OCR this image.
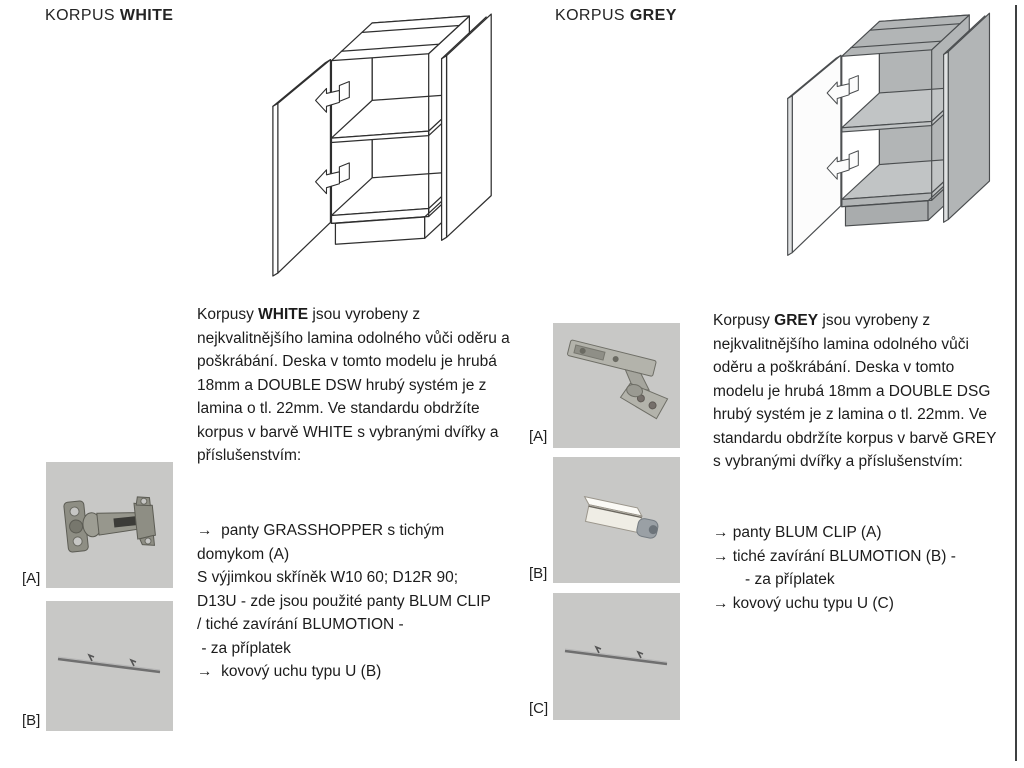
KORPUS WHITE

Korpusy WHITE jsou vyrobeny z nejkvalitnějšího lamina odolného vůči oděru a poškrábání. Deska v tomto modelu je hrubá 18mm a DOUBLE DSW hrubý systém je z lamina o tl. 22mm. Ve standardu obdržíte korpus v barvě WHITE s vybranými dvířky a příslušenstvím:

→  panty GRASSHOPPER s tichým domykom (A)
S výjimkou skříněk W10 60; D12R 90; D13U - zde jsou použité panty BLUM CLIP / tiché zavírání BLUMOTION -
- za příplatek
→  kovový uchu typu U (B)
[A]
[B]
KORPUS GREY

Korpusy GREY jsou vyrobeny z nejkvalitnějšího lamina odolného vůči oděru a poškrábání. Deska v tomto modelu je hrubá 18mm a DOUBLE DSG hrubý systém je z lamina o tl. 22mm. Ve standardu obdržíte korpus v barvě GREY s vybranými dvířky a příslušenstvím:

→ panty BLUM CLIP (A)
→ tiché zavírání BLUMOTION (B) -
- za příplatek
→ kovový uchu typu U (C)
[A]
[B]
[C]
